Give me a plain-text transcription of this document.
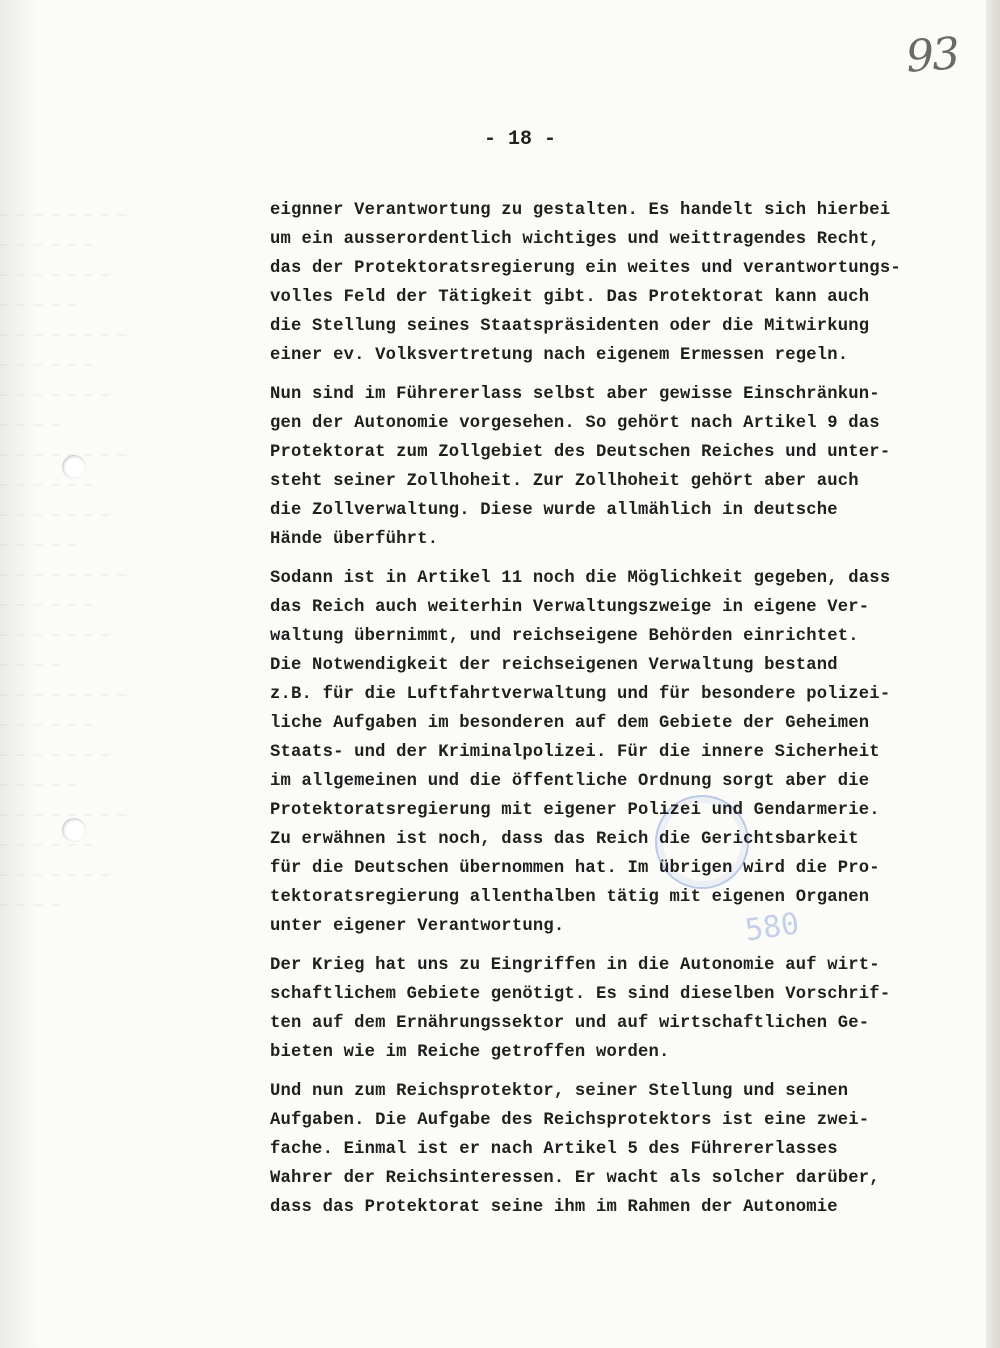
— — — — — — — —
— — — — — —
— — — — — — —
— — — — —
— — — — — — — —
— — — — — —
— — — — — — —
— — — —
— — — — — — — —
— — — — — —
— — — — — — —
— — — — —
— — — — — — — —
— — — — — —
— — — — — — —
— — — —
— — — — — — — —
— — — — — —
— — — — — — —
— — — — —
— — — — — — — —
— — — — — —
— — — — — — —
— — — —
93
- 18 -
580
eignner Verantwortung zu gestalten. Es handelt sich hierbei
um ein ausserordentlich wichtiges und weittragendes Recht,
das der Protektoratsregierung ein weites und verantwortungs-
volles Feld der Tätigkeit gibt. Das Protektorat kann auch
die Stellung seines Staatspräsidenten oder die Mitwirkung
einer ev. Volksvertretung nach eigenem Ermessen regeln.
Nun sind im Führererlass selbst aber gewisse Einschränkun-
gen der Autonomie vorgesehen. So gehört nach Artikel 9 das
Protektorat zum Zollgebiet des Deutschen Reiches und unter-
steht seiner Zollhoheit. Zur Zollhoheit gehört aber auch
die Zollverwaltung. Diese wurde allmählich in deutsche
Hände überführt.
Sodann ist in Artikel 11 noch die Möglichkeit gegeben, dass
das Reich auch weiterhin Verwaltungszweige in eigene Ver-
waltung übernimmt, und reichseigene Behörden einrichtet.
Die Notwendigkeit der reichseigenen Verwaltung bestand
z.B. für die Luftfahrtverwaltung und für besondere polizei-
liche Aufgaben im besonderen auf dem Gebiete der Geheimen
Staats- und der Kriminalpolizei. Für die innere Sicherheit
im allgemeinen und die öffentliche Ordnung sorgt aber die
Protektoratsregierung mit eigener Polizei und Gendarmerie.
Zu erwähnen ist noch, dass das Reich die Gerichtsbarkeit
für die Deutschen übernommen hat. Im übrigen wird die Pro-
tektoratsregierung allenthalben tätig mit eigenen Organen
unter eigener Verantwortung.
Der Krieg hat uns zu Eingriffen in die Autonomie auf wirt-
schaftlichem Gebiete genötigt. Es sind dieselben Vorschrif-
ten auf dem Ernährungssektor und auf wirtschaftlichen Ge-
bieten wie im Reiche getroffen worden.
Und nun zum Reichsprotektor, seiner Stellung und seinen
Aufgaben. Die Aufgabe des Reichsprotektors ist eine zwei-
fache. Einmal ist er nach Artikel 5 des Führererlasses
Wahrer der Reichsinteressen. Er wacht als solcher darüber,
dass das Protektorat seine ihm im Rahmen der Autonomie
